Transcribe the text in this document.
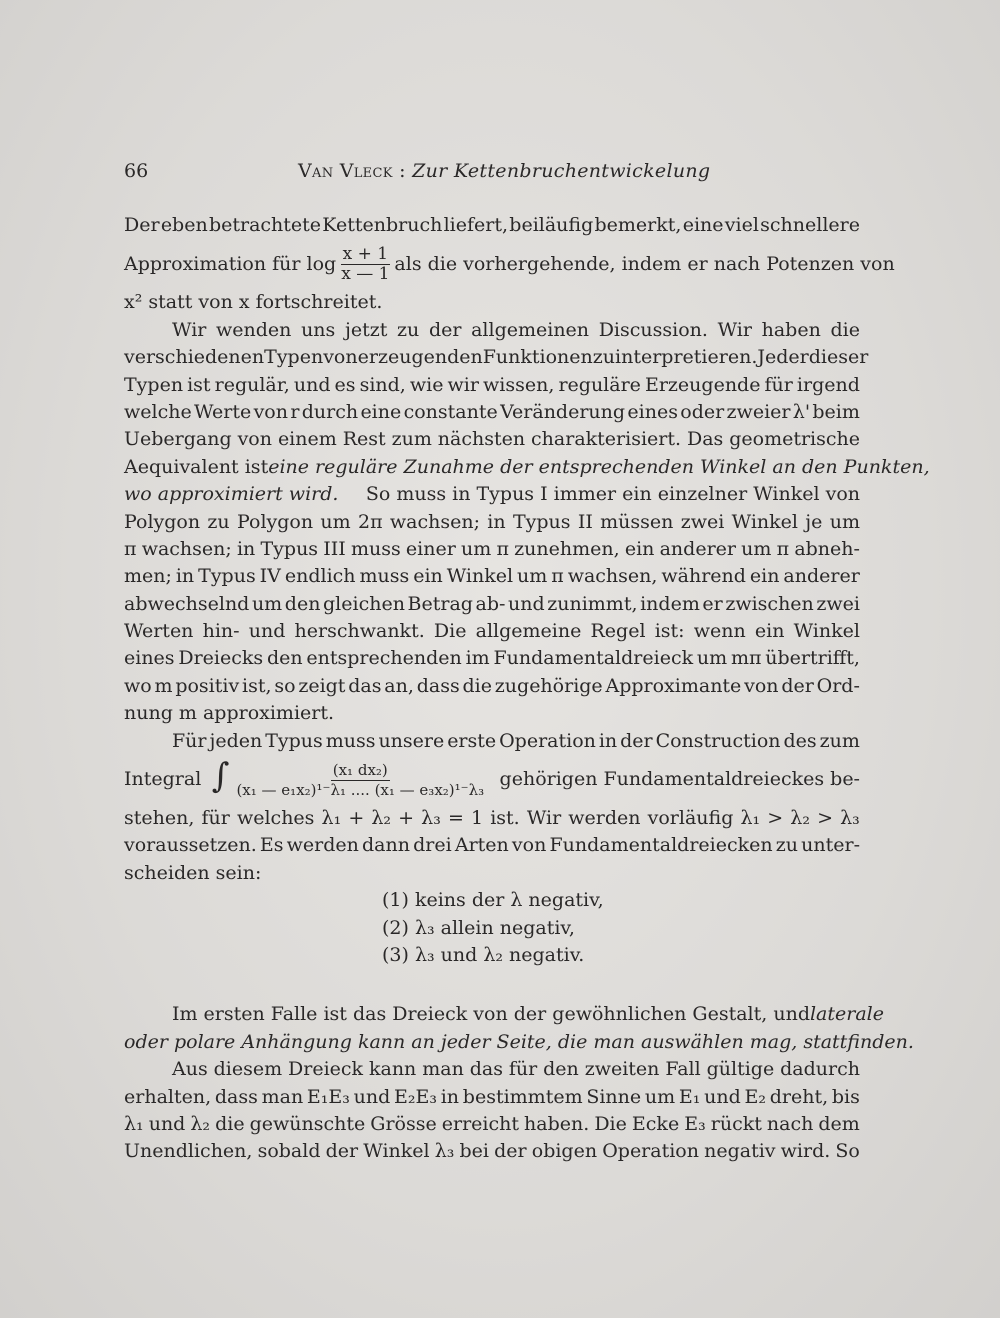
66	Van Vleck : Zur Kettenbruchentwickelung
Der eben betrachtete Kettenbruch liefert, beiläufig bemerkt, eine viel schnellere
Approximation für $\log \frac{x + 1}{x — 1}$ als die vorhergehende, indem er nach Potenzen von
x² statt von x fortschreitet.
Wir wenden uns jetzt zu der allgemeinen Discussion. Wir haben die
verschiedenen Typen von erzeugenden Funktionen zu interpretieren. Jeder dieser
Typen ist regulär, und es sind, wie wir wissen, reguläre Erzeugende für irgend
welche Werte von r durch eine constante Veränderung eines oder zweier λ' beim
Uebergang von einem Rest zum nächsten charakterisiert. Das geometrische
Aequivalent ist eine reguläre Zunahme der entsprechenden Winkel an den Punkten,
wo approximiert wird. So muss in Typus I immer ein einzelner Winkel von
Polygon zu Polygon um 2π wachsen; in Typus II müssen zwei Winkel je um
π wachsen; in Typus III muss einer um π zunehmen, ein anderer um π abneh-
men; in Typus IV endlich muss ein Winkel um π wachsen, während ein anderer
abwechselnd um den gleichen Betrag ab- und zunimmt, indem er zwischen zwei
Werten hin- und herschwankt. Die allgemeine Regel ist: wenn ein Winkel
eines Dreiecks den entsprechenden im Fundamentaldreieck um mπ übertrifft,
wo m positiv ist, so zeigt das an, dass die zugehörige Approximante von der Ord-
nung m approximiert.
Für jeden Typus muss unsere erste Operation in der Construction des zum
Integral ∫ $\frac{\text{(x₁ dx₂)}}{\text{(x₁ — e₁x₂)¹⁻λ₁ .... (x₁ — e₃x₂)¹⁻λ₃}}$ gehörigen Fundamentaldreieckes be-
stehen, für welches λ₁ + λ₂ + λ₃ = 1 ist. Wir werden vorläufig λ₁ > λ₂ > λ₃
voraussetzen. Es werden dann drei Arten von Fundamentaldreiecken zu unter-
scheiden sein:
(1) keins der λ negativ,
(2) λ₃ allein negativ,
(3) λ₃ und λ₂ negativ.
Im ersten Falle ist das Dreieck von der gewöhnlichen Gestalt, und laterale
oder polare Anhängung kann an jeder Seite, die man auswählen mag, stattfinden.
Aus diesem Dreieck kann man das für den zweiten Fall gültige dadurch
erhalten, dass man E₁E₃ und E₂E₃ in bestimmtem Sinne um E₁ und E₂ dreht, bis
λ₁ und λ₂ die gewünschte Grösse erreicht haben. Die Ecke E₃ rückt nach dem
Unendlichen, sobald der Winkel λ₃ bei der obigen Operation negativ wird. So
